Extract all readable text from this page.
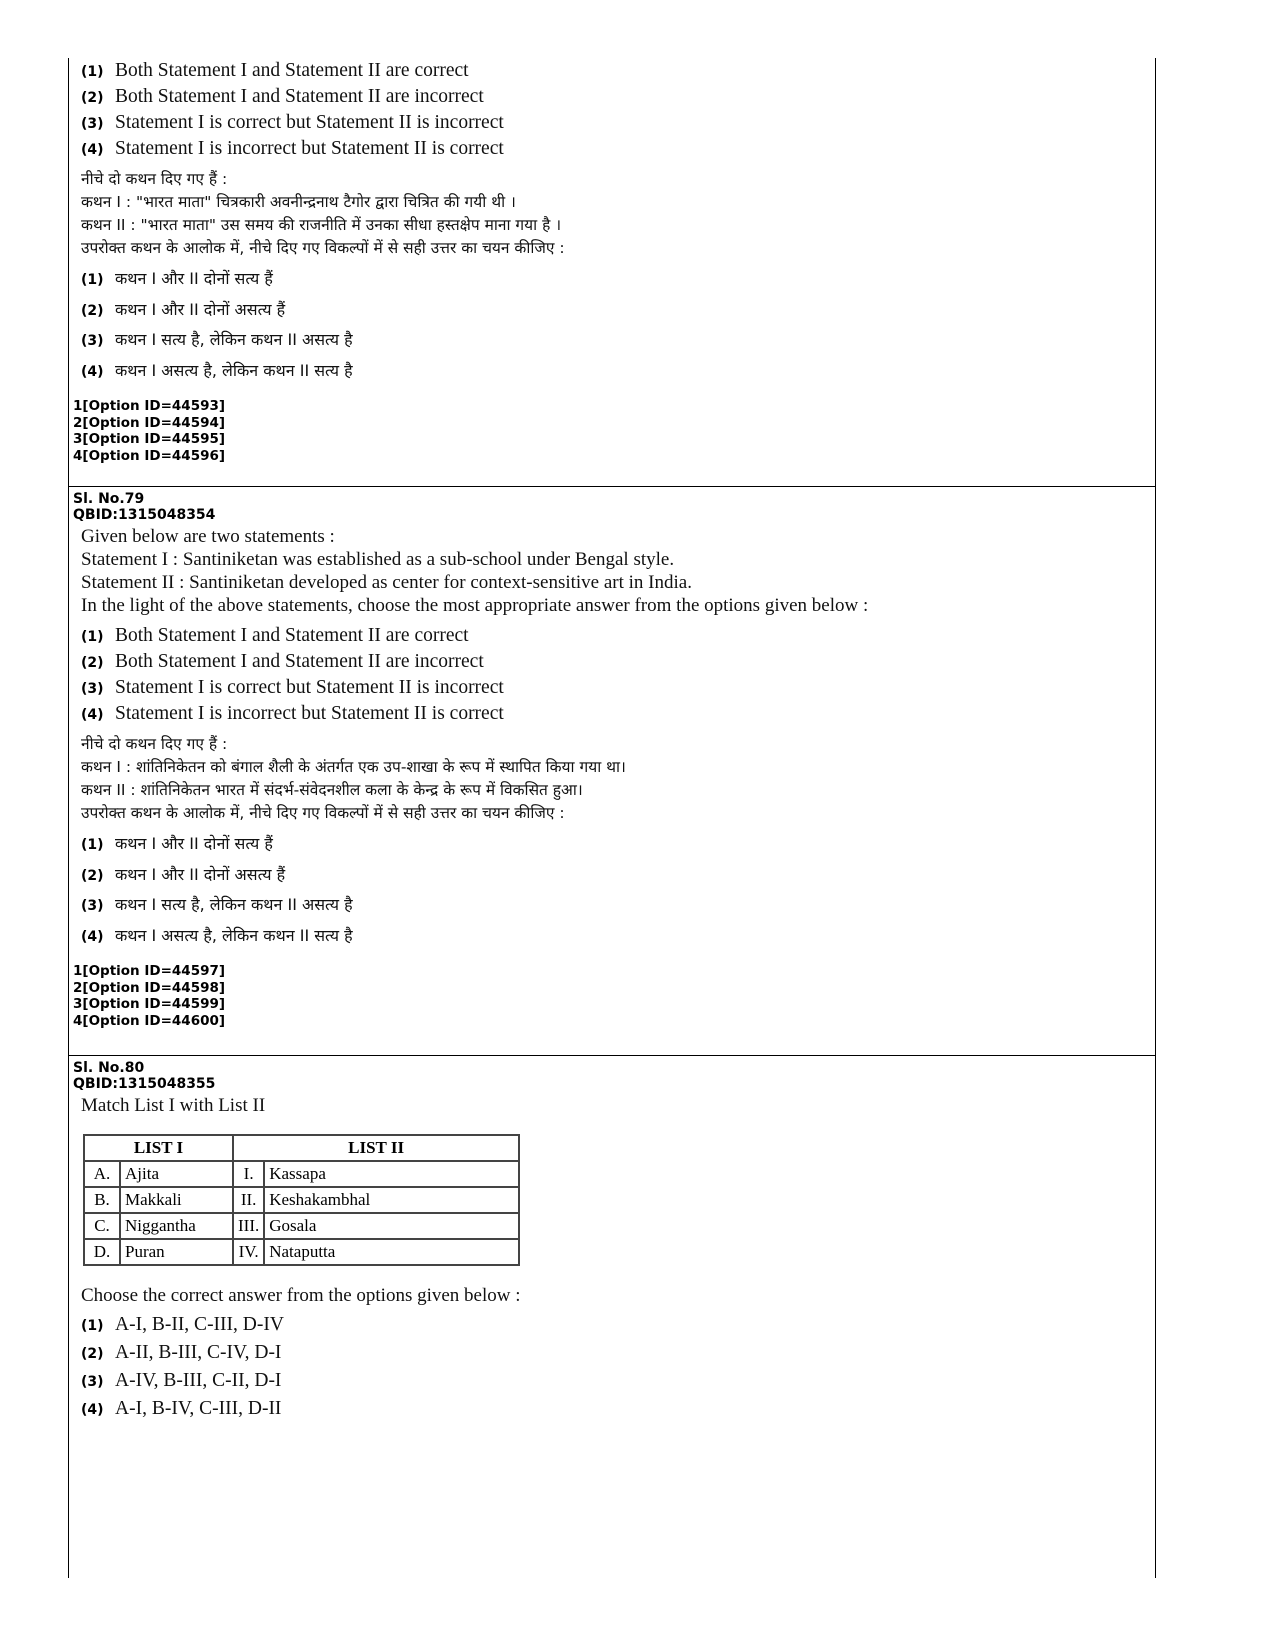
(1) Both Statement I and Statement II are correct
(2) Both Statement I and Statement II are incorrect
(3) Statement I is correct but Statement II is incorrect
(4) Statement I is incorrect but Statement II is correct
नीचे दो कथन दिए गए हैं :
कथन I : "भारत माता" चित्रकारी अवनीन्द्रनाथ टैगोर द्वारा चित्रित की गयी थी ।
कथन II : "भारत माता" उस समय की राजनीति में उनका सीधा हस्तक्षेप माना गया है ।
उपरोक्त कथन के आलोक में, नीचे दिए गए विकल्पों में से सही उत्तर का चयन कीजिए :
(1) कथन I और II दोनों सत्य हैं
(2) कथन I और II दोनों असत्य हैं
(3) कथन I सत्य है, लेकिन कथन II असत्य है
(4) कथन I असत्य है, लेकिन कथन II सत्य है
1[Option ID=44593]
2[Option ID=44594]
3[Option ID=44595]
4[Option ID=44596]
Sl. No.79
QBID:1315048354
Given below are two statements :
Statement I : Santiniketan was established as a sub-school under Bengal style.
Statement II : Santiniketan developed as center for context-sensitive art in India.
In the light of the above statements, choose the most appropriate answer from the options given below :
(1) Both Statement I and Statement II are correct
(2) Both Statement I and Statement II are incorrect
(3) Statement I is correct but Statement II is incorrect
(4) Statement I is incorrect but Statement II is correct
नीचे दो कथन दिए गए हैं :
कथन I : शांतिनिकेतन को बंगाल शैली के अंतर्गत एक उप-शाखा के रूप में स्थापित किया गया था।
कथन II : शांतिनिकेतन भारत में संदर्भ-संवेदनशील कला के केन्द्र के रूप में विकसित हुआ।
उपरोक्त कथन के आलोक में, नीचे दिए गए विकल्पों में से सही उत्तर का चयन कीजिए :
(1) कथन I और II दोनों सत्य हैं
(2) कथन I और II दोनों असत्य हैं
(3) कथन I सत्य है, लेकिन कथन II असत्य है
(4) कथन I असत्य है, लेकिन कथन II सत्य है
1[Option ID=44597]
2[Option ID=44598]
3[Option ID=44599]
4[Option ID=44600]
Sl. No.80
QBID:1315048355
Match List I with List II
LIST I		LIST II	
A.	Ajita	I.	Kassapa
B.	Makkali	II.	Keshakambhal
C.	Nigganthа	III.	Gosala
D.	Puran	IV.	Nataputta
Choose the correct answer from the options given below :
(1) A-I, B-II, C-III, D-IV
(2) A-II, B-III, C-IV, D-I
(3) A-IV, B-III, C-II, D-I
(4) A-I, B-IV, C-III, D-II
